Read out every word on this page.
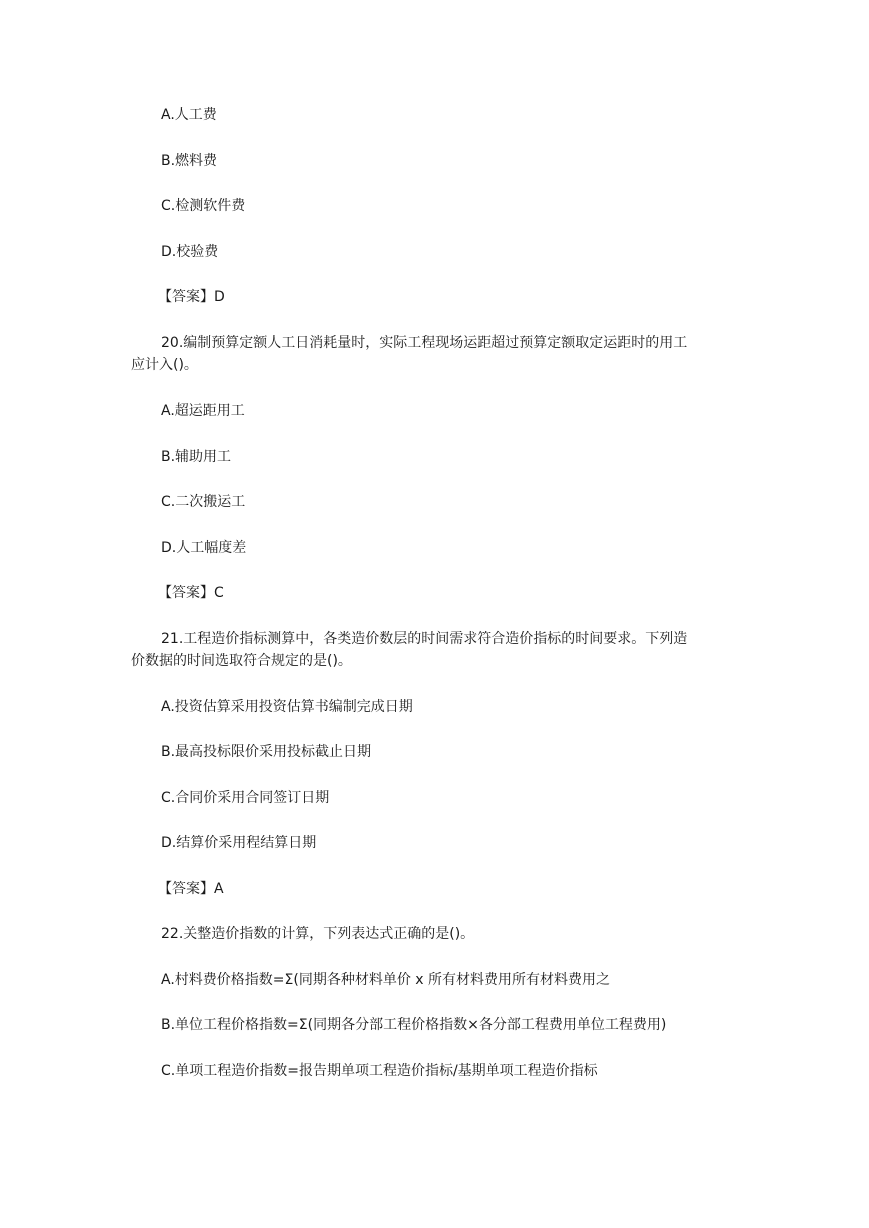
A.人工费

B.燃料费

C.检测软件费

D.校验费

【答案】D

20.编制预算定额人工日消耗量时，实际工程现场运距超过预算定额取定运距时的用工

应计入()。

A.超运距用工

B.辅助用工

C.二次搬运工

D.人工幅度差

【答案】C

21.工程造价指标测算中，各类造价数层的时间需求符合造价指标的时间要求。下列造

价数据的时间选取符合规定的是()。

A.投资估算采用投资估算书编制完成日期

B.最高投标限价采用投标截止日期

C.合同价采用合同签订日期

D.结算价采用程结算日期

【答案】A

22.关整造价指数的计算，下列表达式正确的是()。

A.村料费价格指数=Σ(同期各种材料单价 x 所有材料费用所有材料费用之

B.单位工程价格指数=Σ(同期各分部工程价格指数×各分部工程费用单位工程费用)

C.单项工程造价指数=报告期单项工程造价指标/基期单项工程造价指标
